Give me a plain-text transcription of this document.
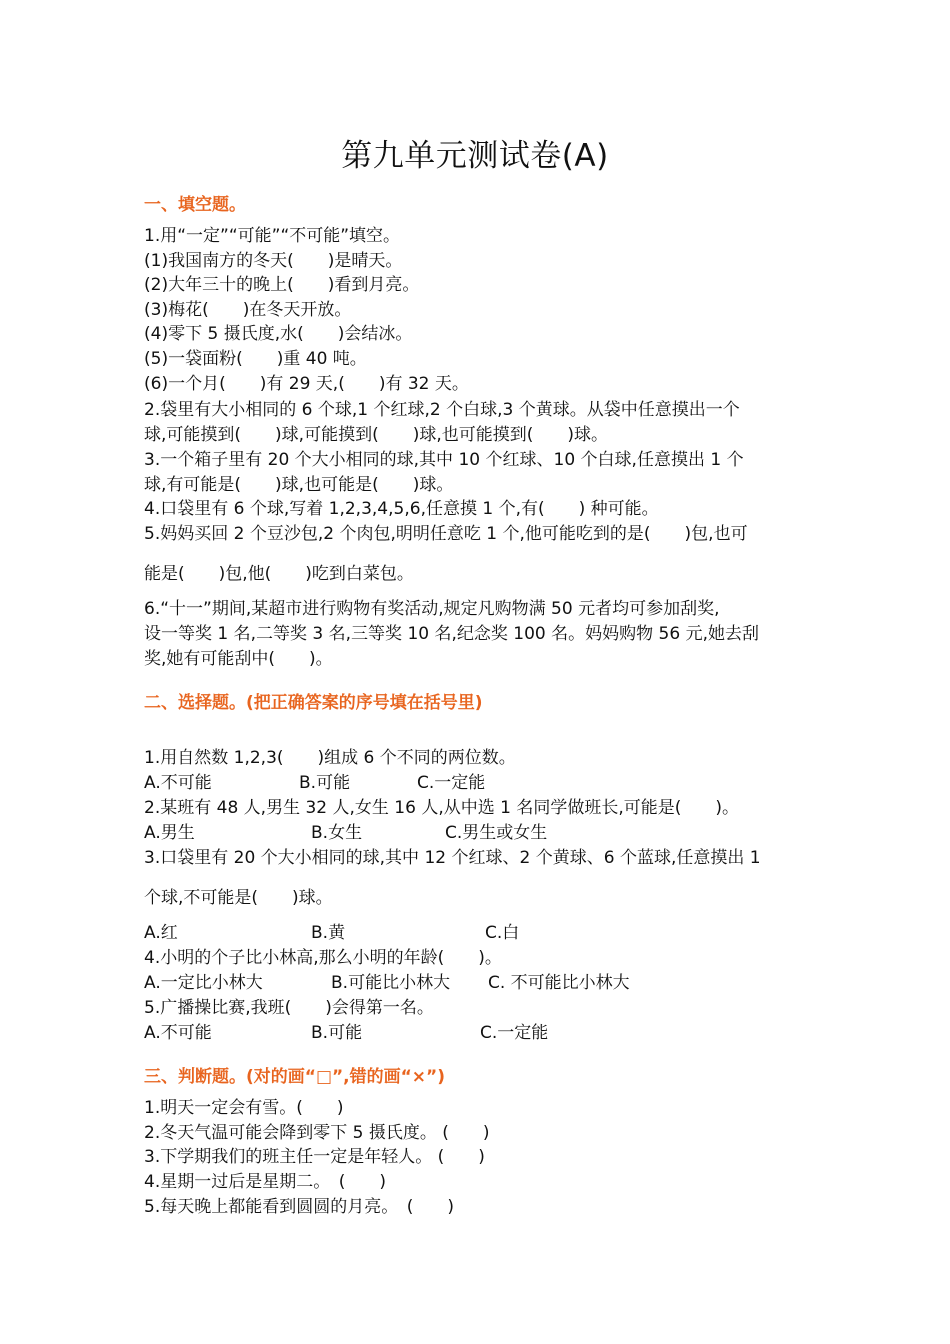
第九单元测试卷(A)
一、填空题。
1.用“一定”“可能”“不可能”填空。
(1)我国南方的冬天(　　)是晴天。
(2)大年三十的晚上(　　)看到月亮。
(3)梅花(　　)在冬天开放。
(4)零下 5 摄氏度,水(　　)会结冰。
(5)一袋面粉(　　)重 40 吨。
(6)一个月(　　)有 29 天,(　　)有 32 天。
2.袋里有大小相同的 6 个球,1 个红球,2 个白球,3 个黄球。从袋中任意摸出一个
球,可能摸到(　　)球,可能摸到(　　)球,也可能摸到(　　)球。
3.一个箱子里有 20 个大小相同的球,其中 10 个红球、10 个白球,任意摸出 1 个
球,有可能是(　　)球,也可能是(　　)球。
4.口袋里有 6 个球,写着 1,2,3,4,5,6,任意摸 1 个,有(　　) 种可能。
5.妈妈买回 2 个豆沙包,2 个肉包,明明任意吃 1 个,他可能吃到的是(　　)包,也可
能是(　　)包,他(　　)吃到白菜包。
6.“十一”期间,某超市进行购物有奖活动,规定凡购物满 50 元者均可参加刮奖,
设一等奖 1 名,二等奖 3 名,三等奖 10 名,纪念奖 100 名。妈妈购物 56 元,她去刮
奖,她有可能刮中(　　)。
二、选择题。(把正确答案的序号填在括号里)
1.用自然数 1,2,3(　　)组成 6 个不同的两位数。
A.不可能	B.可能	C.一定能
2.某班有 48 人,男生 32 人,女生 16 人,从中选 1 名同学做班长,可能是(　　)。
A.男生	B.女生	C.男生或女生
3.口袋里有 20 个大小相同的球,其中 12 个红球、2 个黄球、6 个蓝球,任意摸出 1
个球,不可能是(　　)球。
A.红	B.黄	C.白
4.小明的个子比小林高,那么小明的年龄(　　)。
A.一定比小林大	B.可能比小林大 C. 不可能比小林大
5.广播操比赛,我班(　　)会得第一名。
A.不可能	B.可能	C.一定能
三、判断题。(对的画“□”,错的画“×”)
1.明天一定会有雪。(　　)
2.冬天气温可能会降到零下 5 摄氏度。 (　　)
3.下学期我们的班主任一定是年轻人。 (　　)
4.星期一过后是星期二。　(　　)
5.每天晚上都能看到圆圆的月亮。　(　　)
